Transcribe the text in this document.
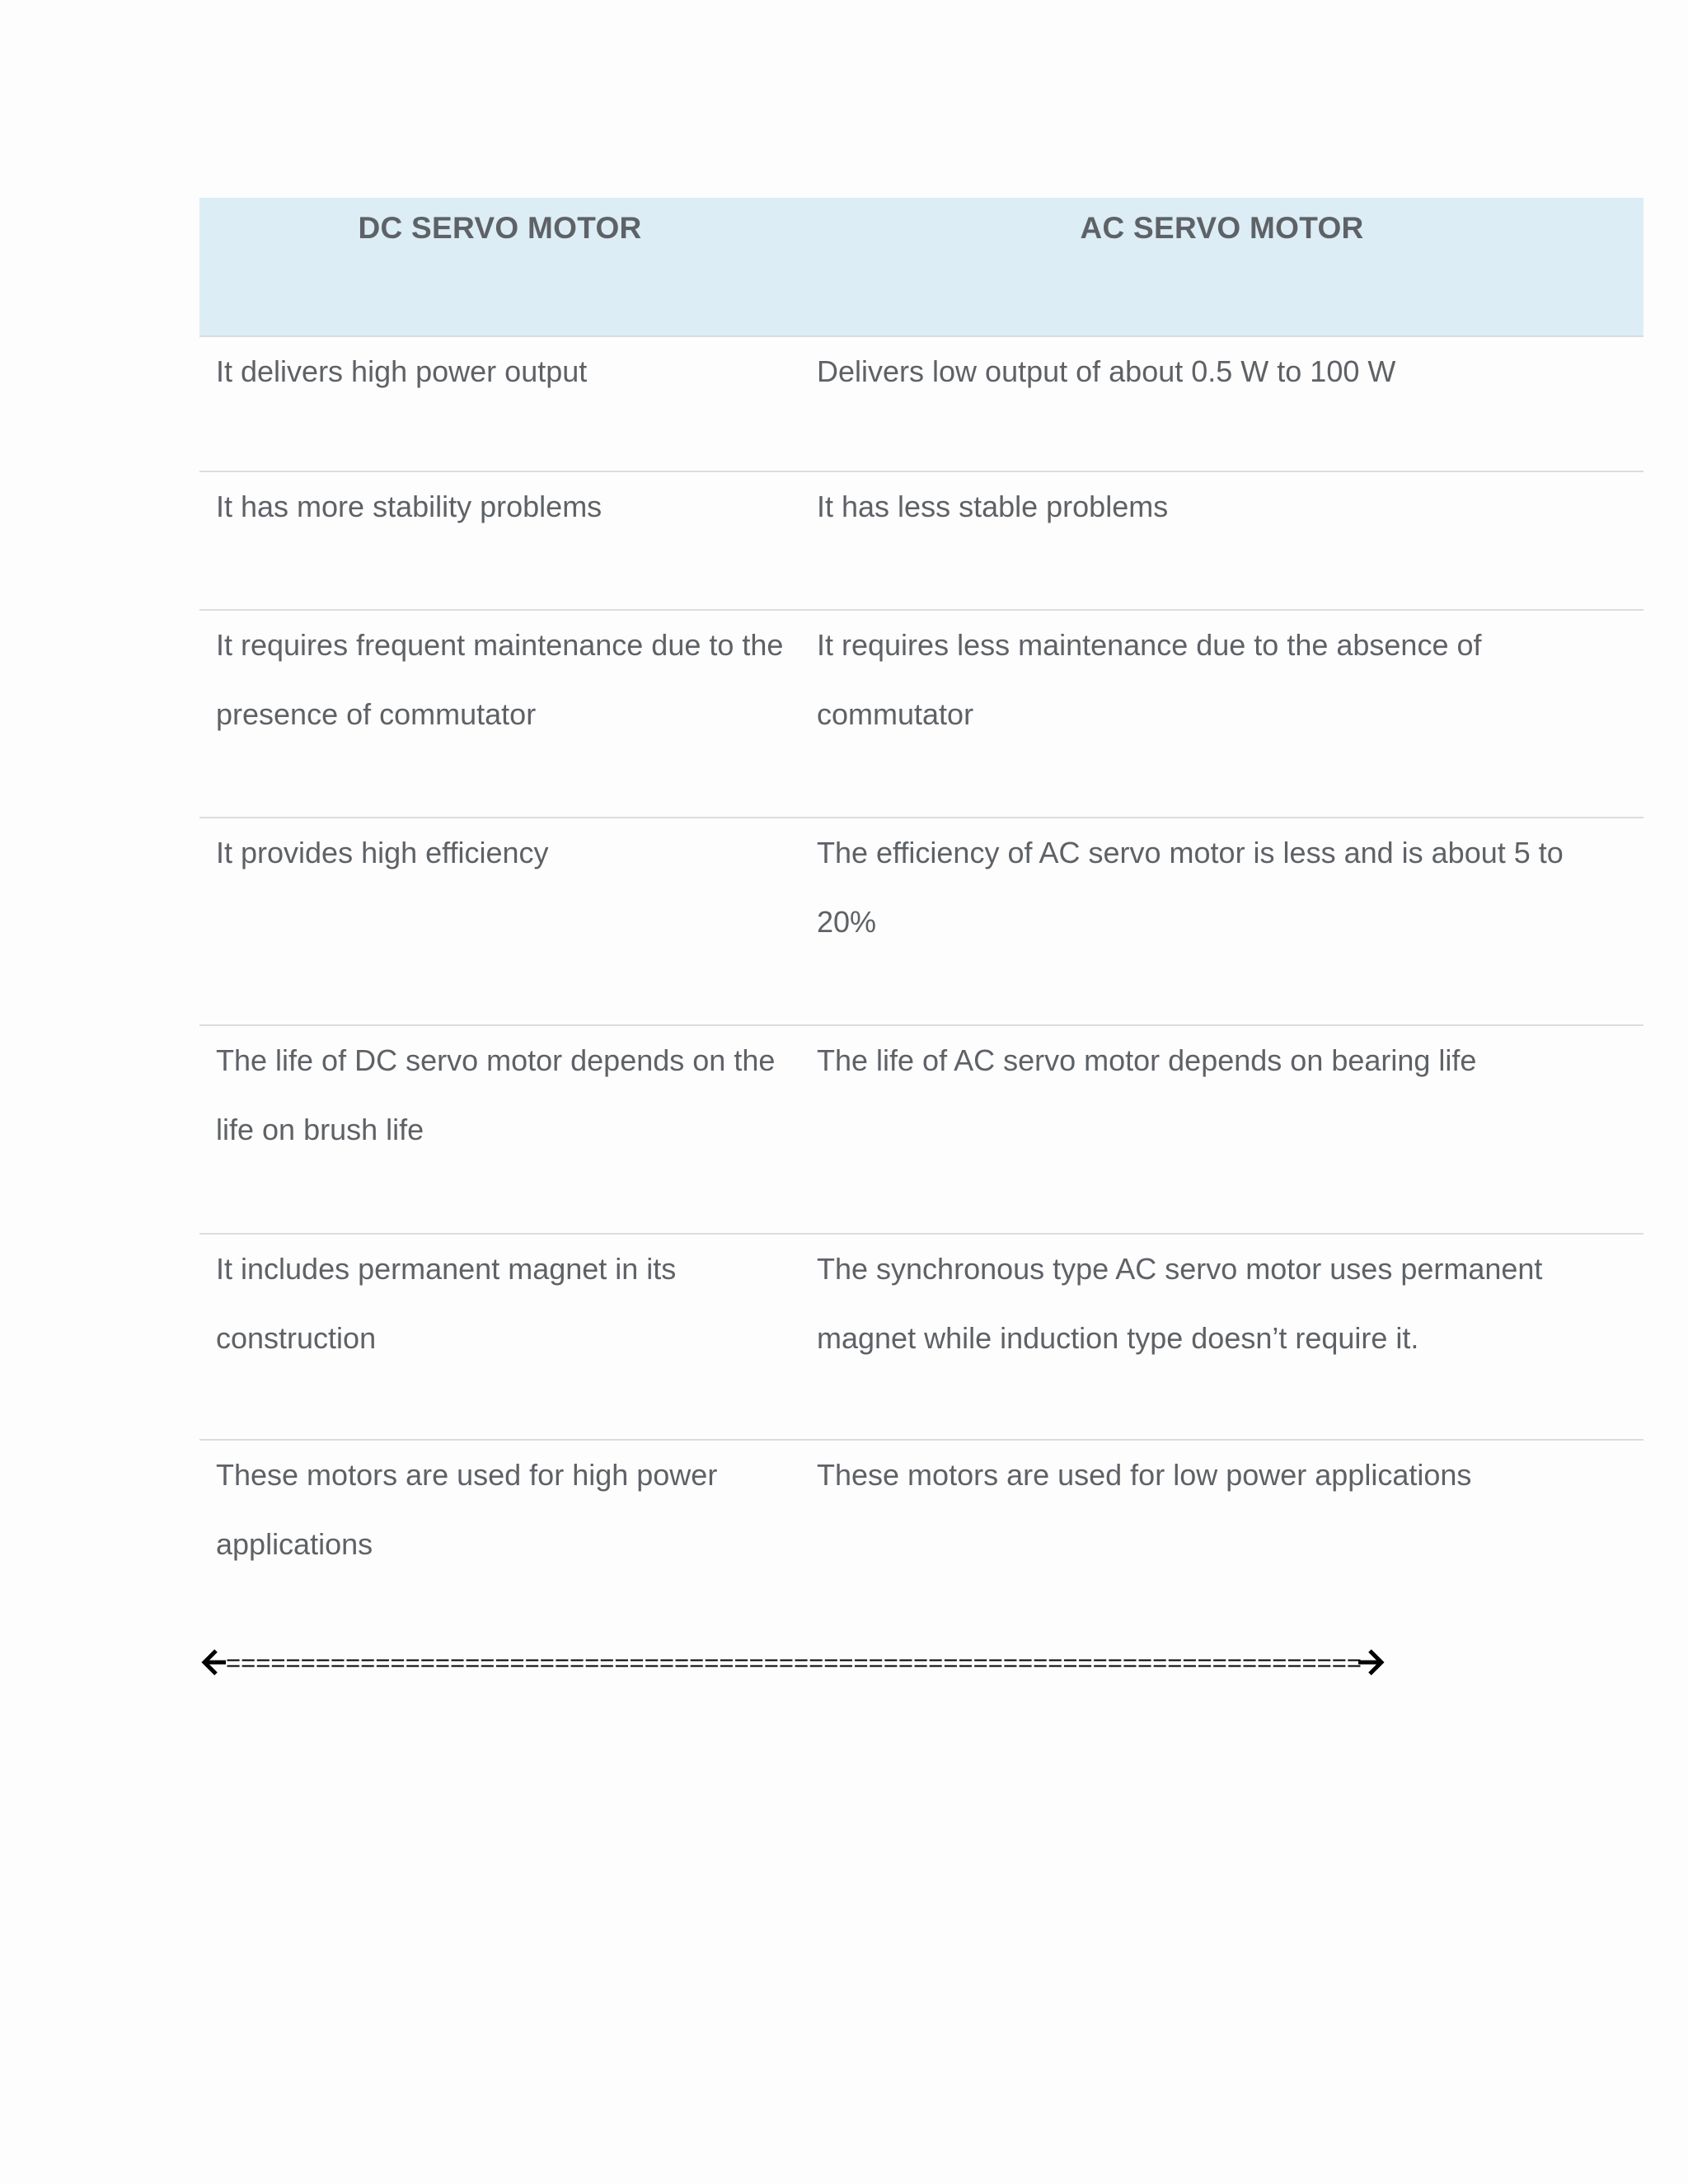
DC SERVO MOTOR	AC SERVO MOTOR
It delivers high power output	Delivers low output of about 0.5 W to 100 W
It has more stability problems	It has less stable problems
It requires frequent maintenance due to the presence of commutator	It requires less maintenance due to the absence of commutator
It provides high efficiency	The efficiency of AC servo motor is less and is about 5 to 20%
The life of DC servo motor depends on the life on brush life	The life of AC servo motor depends on bearing life
It includes permanent magnet in its construction	The synchronous type AC servo motor uses permanent magnet while induction type doesn’t require it.
These motors are used for high power applications	These motors are used for low power applications
============================================================================
